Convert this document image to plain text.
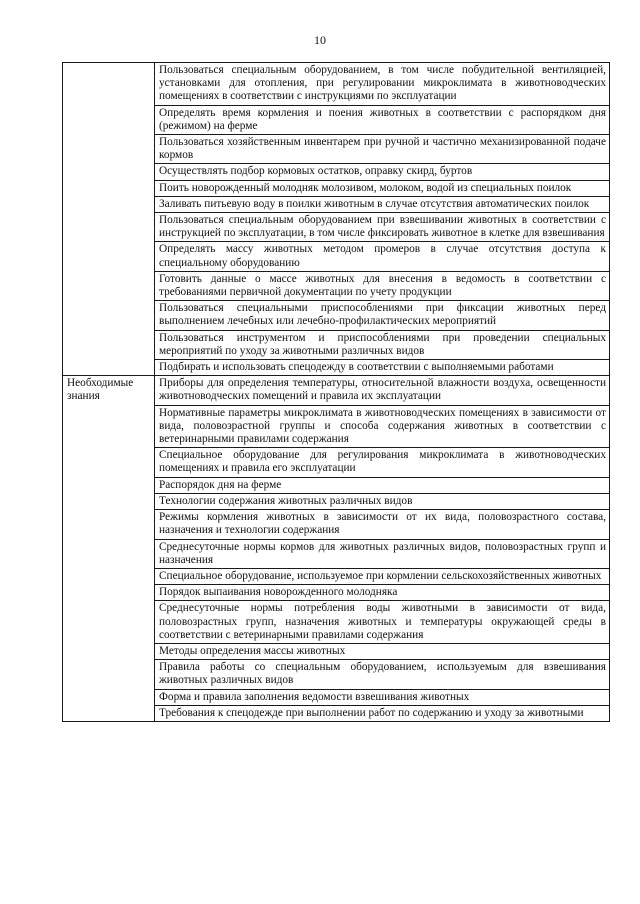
10
	Пользоваться специальным оборудованием, в том числе побудительной вентиляцией, установками для отопления, при регулировании микроклимата в животноводческих помещениях в соответствии с инструкциями по эксплуатации
	Определять время кормления и поения животных в соответствии с распорядком дня (режимом) на ферме
	Пользоваться хозяйственным инвентарем при ручной и частично механизированной подаче кормов
	Осуществлять подбор кормовых остатков, оправку скирд, буртов
	Поить новорожденный молодняк молозивом, молоком, водой из специальных поилок
	Заливать питьевую воду в поилки животным в случае отсутствия автоматических поилок
	Пользоваться специальным оборудованием при взвешивании животных в соответствии с инструкцией по эксплуатации, в том числе фиксировать животное в клетке для взвешивания
	Определять массу животных методом промеров в случае отсутствия доступа к специальному оборудованию
	Готовить данные о массе животных для внесения в ведомость в соответствии с требованиями первичной документации по учету продукции
	Пользоваться специальными приспособлениями при фиксации животных перед выполнением лечебных или лечебно-профилактических мероприятий
	Пользоваться инструментом и приспособлениями при проведении специальных мероприятий по уходу за животными различных видов
	Подбирать и использовать спецодежду в соответствии с выполняемыми работами
Необходимые знания	Приборы для определения температуры, относительной влажности воздуха, освещенности животноводческих помещений и правила их эксплуатации
	Нормативные параметры микроклимата в животноводческих помещениях в зависимости от вида, половозрастной группы и способа содержания животных в соответствии с ветеринарными правилами содержания
	Специальное оборудование для регулирования микроклимата в животноводческих помещениях и правила его эксплуатации
	Распорядок дня на ферме
	Технологии содержания животных различных видов
	Режимы кормления животных в зависимости от их вида, половозрастного состава, назначения и технологии содержания
	Среднесуточные нормы кормов для животных различных видов, половозрастных групп и назначения
	Специальное оборудование, используемое при кормлении сельскохозяйственных животных
	Порядок выпаивания новорожденного молодняка
	Среднесуточные нормы потребления воды животными в зависимости от вида, половозрастных групп, назначения животных и температуры окружающей среды в соответствии с ветеринарными правилами содержания
	Методы определения массы животных
	Правила работы со специальным оборудованием, используемым для взвешивания животных различных видов
	Форма и правила заполнения ведомости взвешивания животных
	Требования к спецодежде при выполнении работ по содержанию и уходу за животными
